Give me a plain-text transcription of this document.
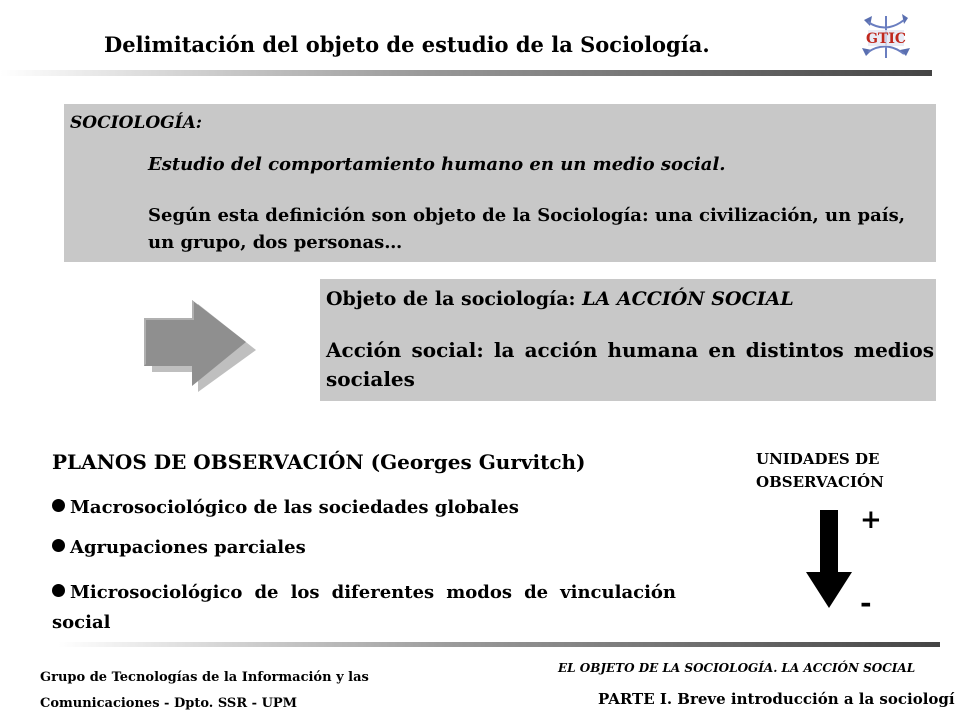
Delimitación del objeto de estudio de la Sociología.	GTIC
SOCIOLOGÍA:
Estudio del comportamiento humano en un medio social.
Según esta definición son objeto de la Sociología: una civilización, un país, un grupo, dos personas…
Objeto de la sociología: LA ACCIÓN SOCIAL
Acción social: la acción humana en distintos medios sociales
PLANOS DE OBSERVACIÓN (Georges Gurvitch)
Macrosociológico de las sociedades globales
Agrupaciones parciales
Microsociológico de los diferentes modos de vinculación social
UNIDADES DE OBSERVACIÓN
+
-
Grupo de Tecnologías de la Información y las
Comunicaciones - Dpto. SSR - UPM
EL OBJETO DE LA SOCIOLOGÍA. LA ACCIÓN SOCIAL
PARTE I. Breve introducción a la sociologí
